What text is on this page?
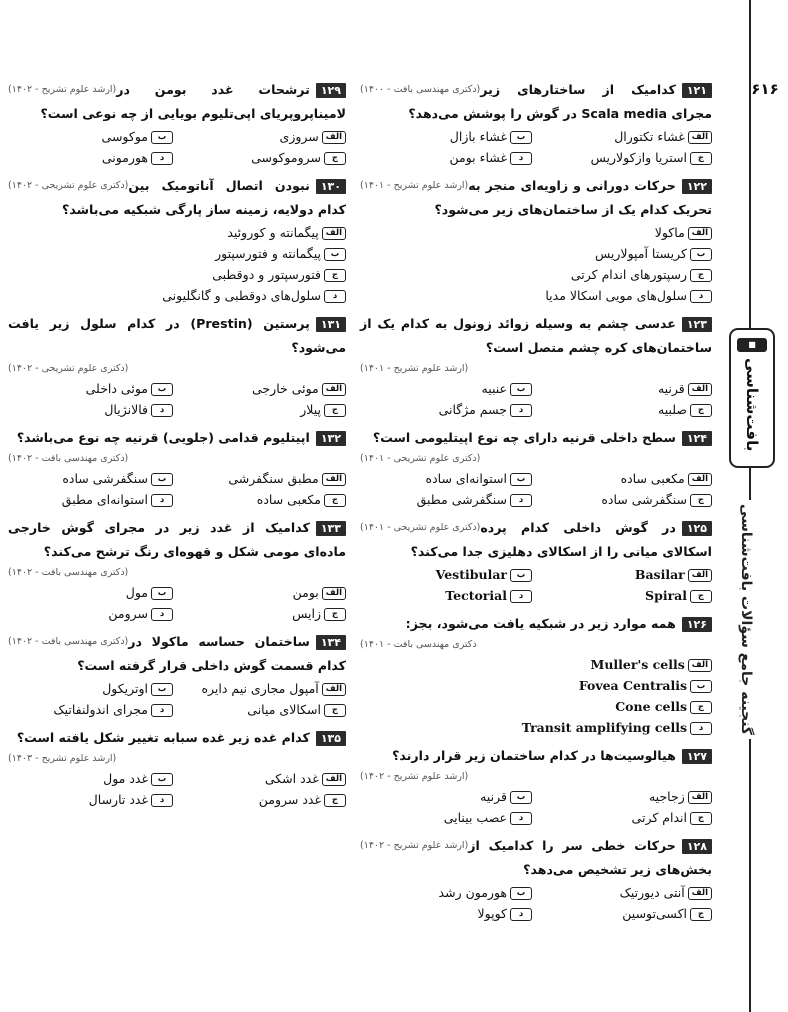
۶۱۶
■
بافت‌شناسی
گنجینه جامع سؤالات بافت‌شناسی
(دکتری مهندسی بافت - ۱۴۰۰)	۱۲۱کدامیک از ساختارهای زیر مجرای Scala media در گوش را پوشش می‌دهد؟
الفغشاء تکتورال
بغشاء بازال
جاستریا وازکولاریس
دغشاء بومن
(ارشد علوم تشریح - ۱۴۰۱)	۱۲۲حرکات دورانی و زاویه‌ای منجر به تحریک کدام یک از ساختمان‌های زیر می‌شود؟
الفماکولا
بکریستا آمپولاریس
جرسپتورهای اندام کرتی
دسلول‌های مویی اسکالا مدیا
۱۲۳عدسی چشم به وسیله زوائد زونول به کدام یک از ساختمان‌های کره چشم متصل است؟
(ارشد علوم تشریح - ۱۴۰۱)
الفقرنیه
بعنبیه
جصلبیه
دجسم مژگانی
۱۲۴سطح داخلی قرنیه دارای چه نوع اپیتلیومی است؟
(دکتری علوم تشریحی - ۱۴۰۱)
الفمکعبی ساده
باستوانه‌ای ساده
جسنگفرشی ساده
دسنگفرشی مطبق
(دکتری علوم تشریحی - ۱۴۰۱)	۱۲۵در گوش داخلی کدام پرده اسکالای میانی را از اسکالای دهلیزی جدا می‌کند؟
الفBasilar
بVestibular
جSpiral
دTectorial
۱۲۶همه موارد زیر در شبکیه یافت می‌شود، بجز:
دکتری مهندسی بافت - ۱۴۰۱)
الفMuller's cells
بFovea Centralis
جCone cells
دTransit amplifying cells
۱۲۷هیالوسیت‌ها در کدام ساختمان زیر قرار دارند؟
(ارشد علوم تشریح - ۱۴۰۲)
الفزجاجیه
بقرنیه
جاندام کرتی
دعصب بینایی
(ارشد علوم تشریح - ۱۴۰۲)	۱۲۸حرکات خطی سر را کدامیک از بخش‌های زیر تشخیص می‌دهد؟
الفآنتی دیورتیک
بهورمون رشد
جاکسی‌توسین
دکوپولا
(ارشد علوم تشریح - ۱۴۰۲)	۱۲۹ترشحات غدد بومن در لامیناپروپریای اپی‌تلیوم بویایی از چه نوعی است؟
الفسروزی
بموکوسی
جسروموکوسی
دهورمونی
(دکتری علوم تشریحی - ۱۴۰۲)	۱۳۰نبودن اتصال آناتومیک بین کدام دولایه، زمینه ساز پارگی شبکیه می‌باشد؟
الفپیگمانته و کوروئید
بپیگمانته و فتورسپتور
جفتورسپتور و دوقطبی
دسلول‌های دوقطبی و گانگلیونی
۱۳۱پرستین (Prestin) در کدام سلول زیر یافت می‌شود؟
(دکتری علوم تشریحی - ۱۴۰۲)
الفموئی خارجی
بموئی داخلی
جپیلار
دفالانژیال
۱۳۲اپیتلیوم قدامی (جلویی) قرنیه چه نوع می‌باشد؟
(دکتری مهندسی بافت - ۱۴۰۲)
الفمطبق سنگفرشی
بسنگفرشی ساده
جمکعبی ساده
داستوانه‌ای مطبق
۱۳۳کدامیک از غدد زیر در مجرای گوش خارجی ماده‌ای مومی شکل و قهوه‌ای رنگ ترشح می‌کند؟
(دکتری مهندسی بافت - ۱۴۰۲)
الفبومن
بمول
جزایس
دسرومن
(دکتری مهندسی بافت - ۱۴۰۲)	۱۳۴ساختمان حساسه ماکولا در کدام قسمت گوش داخلی قرار گرفته است؟
الفآمپول مجاری نیم دایره
باوتریکول
جاسکالای میانی
دمجرای اندولنفاتیک
۱۳۵کدام غده زیر غده سبابه تغییر شکل یافته است؟
(ارشد علوم تشریح - ۱۴۰۳)
الفغدد اشکی
بغدد مول
جغدد سرومن
دغدد تارسال
